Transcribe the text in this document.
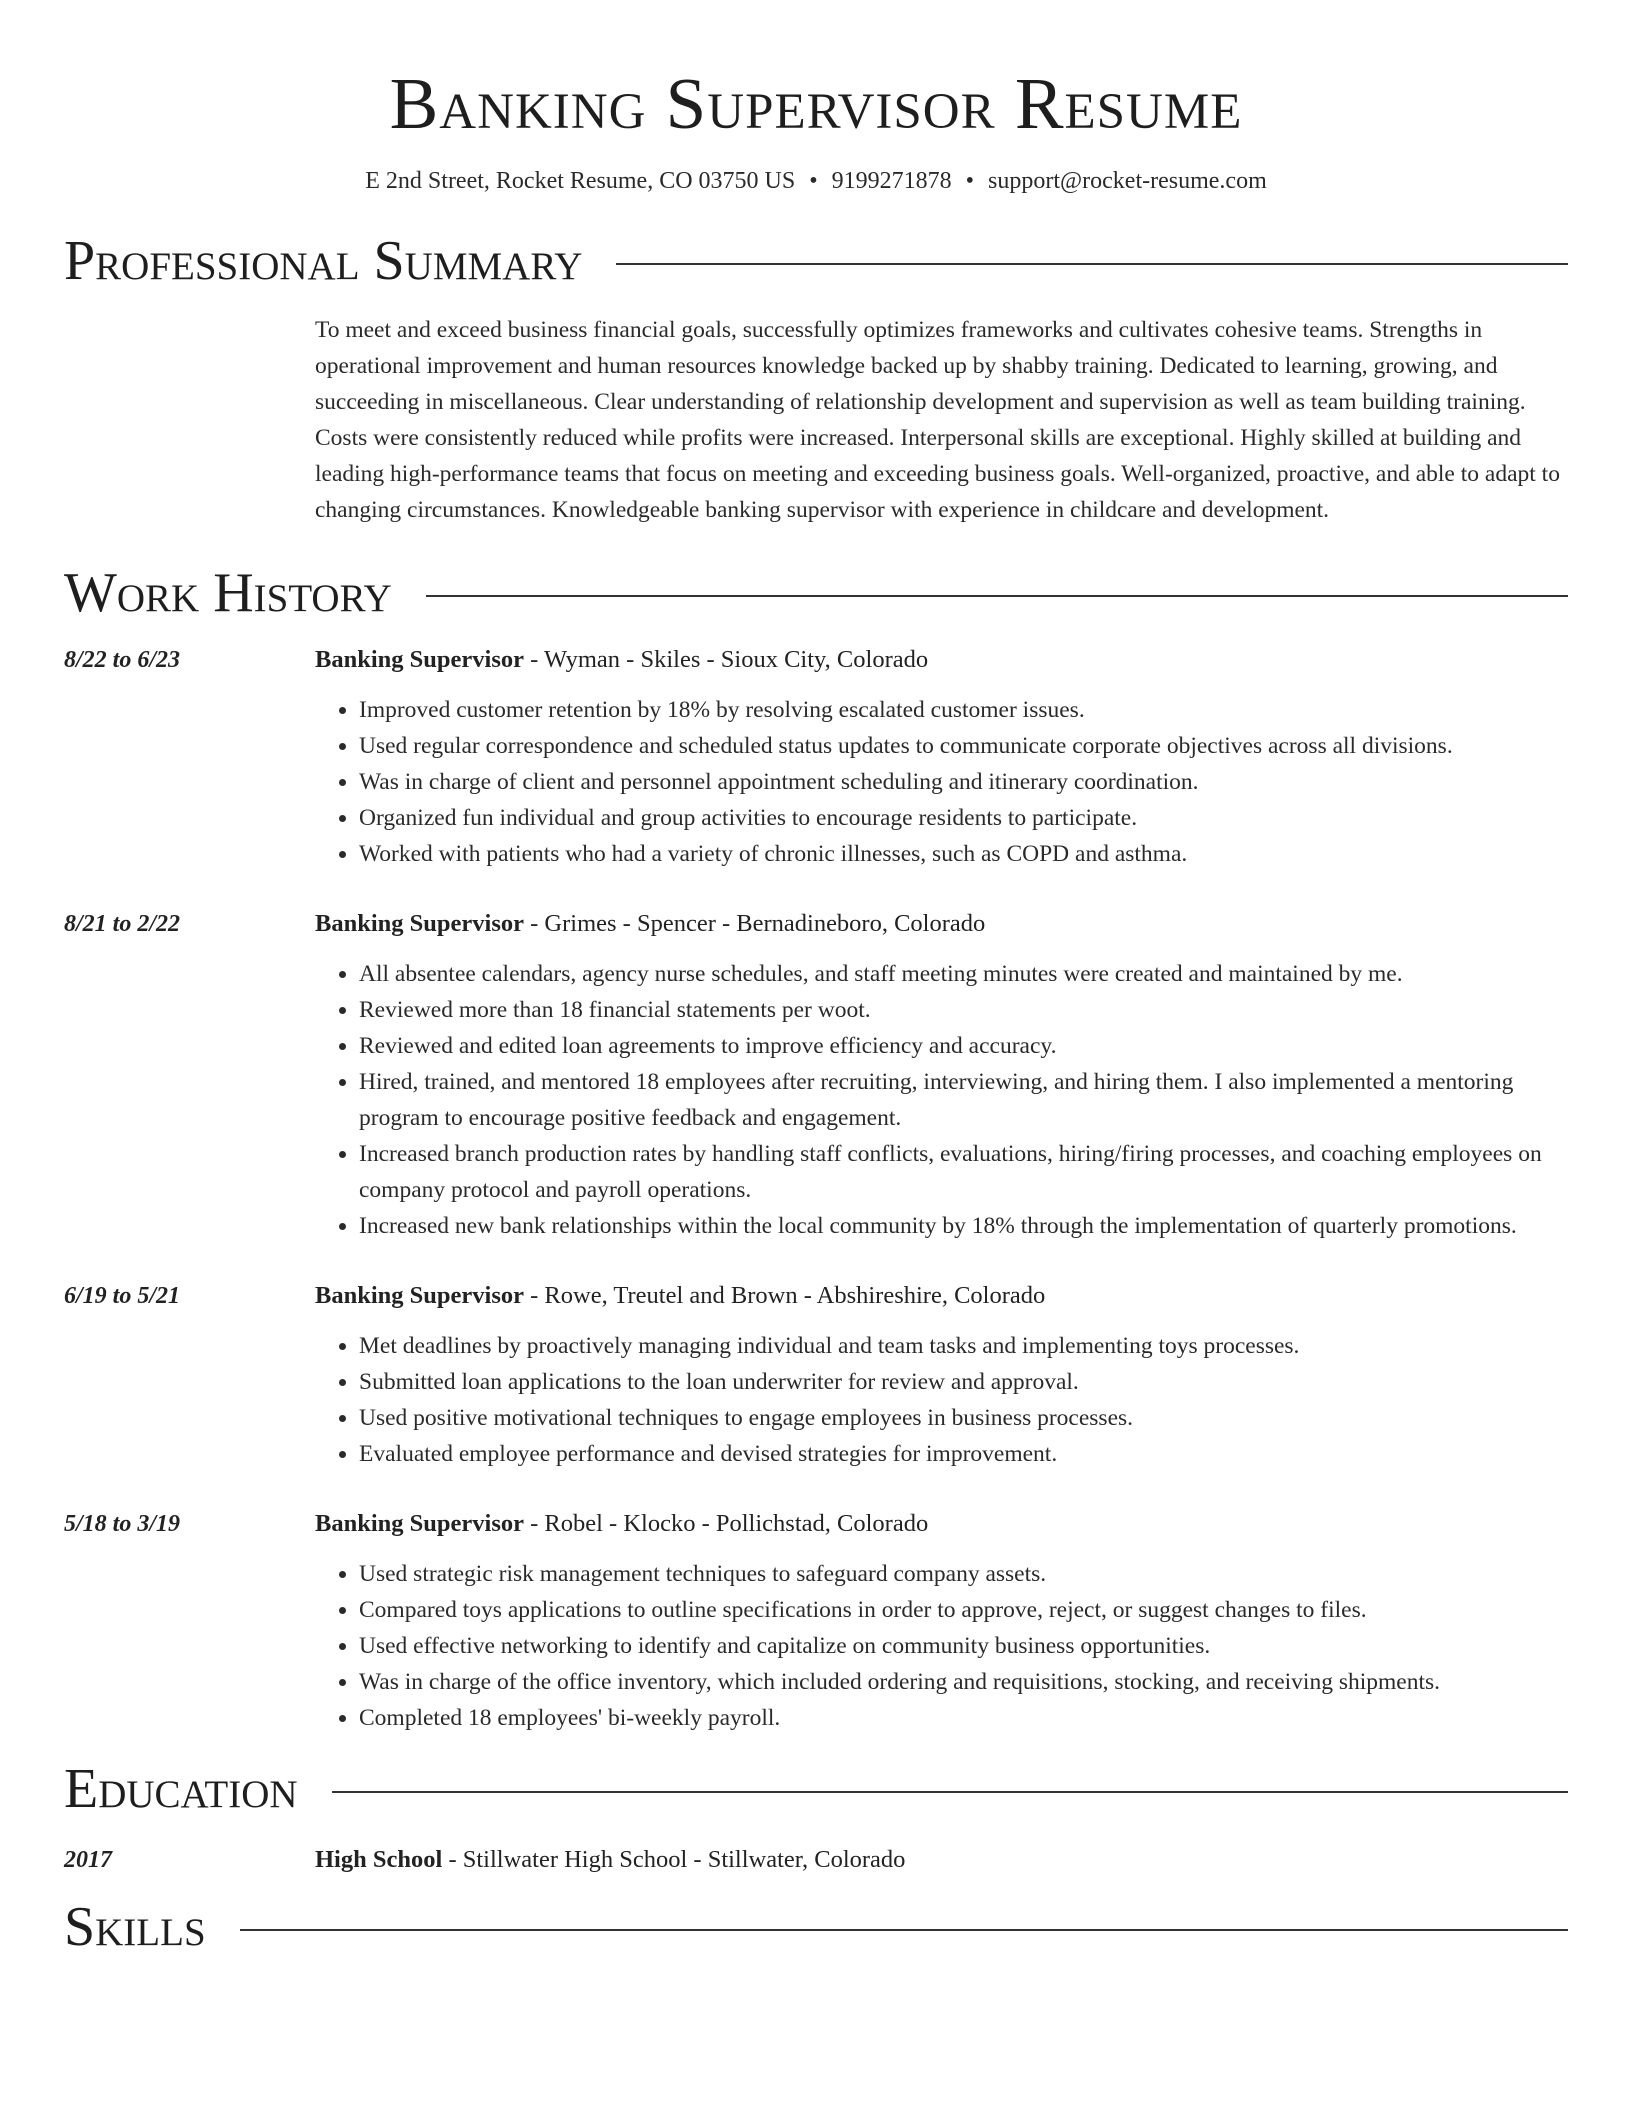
Banking Supervisor Resume
E 2nd Street, Rocket Resume, CO 03750 US • 9199271878 • support@rocket-resume.com
Professional Summary
To meet and exceed business financial goals, successfully optimizes frameworks and cultivates cohesive teams. Strengths in operational improvement and human resources knowledge backed up by shabby training. Dedicated to learning, growing, and succeeding in miscellaneous. Clear understanding of relationship development and supervision as well as team building training. Costs were consistently reduced while profits were increased. Interpersonal skills are exceptional. Highly skilled at building and leading high-performance teams that focus on meeting and exceeding business goals. Well-organized, proactive, and able to adapt to changing circumstances. Knowledgeable banking supervisor with experience in childcare and development.
Work History
8/22 to 6/23	Banking Supervisor - Wyman - Skiles - Sioux City, Colorado
• Improved customer retention by 18% by resolving escalated customer issues.
• Used regular correspondence and scheduled status updates to communicate corporate objectives across all divisions.
• Was in charge of client and personnel appointment scheduling and itinerary coordination.
• Organized fun individual and group activities to encourage residents to participate.
• Worked with patients who had a variety of chronic illnesses, such as COPD and asthma.
8/21 to 2/22	Banking Supervisor - Grimes - Spencer - Bernadineboro, Colorado
• All absentee calendars, agency nurse schedules, and staff meeting minutes were created and maintained by me.
• Reviewed more than 18 financial statements per woot.
• Reviewed and edited loan agreements to improve efficiency and accuracy.
• Hired, trained, and mentored 18 employees after recruiting, interviewing, and hiring them. I also implemented a mentoring program to encourage positive feedback and engagement.
• Increased branch production rates by handling staff conflicts, evaluations, hiring/firing processes, and coaching employees on company protocol and payroll operations.
• Increased new bank relationships within the local community by 18% through the implementation of quarterly promotions.
6/19 to 5/21	Banking Supervisor - Rowe, Treutel and Brown - Abshireshire, Colorado
• Met deadlines by proactively managing individual and team tasks and implementing toys processes.
• Submitted loan applications to the loan underwriter for review and approval.
• Used positive motivational techniques to engage employees in business processes.
• Evaluated employee performance and devised strategies for improvement.
5/18 to 3/19	Banking Supervisor - Robel - Klocko - Pollichstad, Colorado
• Used strategic risk management techniques to safeguard company assets.
• Compared toys applications to outline specifications in order to approve, reject, or suggest changes to files.
• Used effective networking to identify and capitalize on community business opportunities.
• Was in charge of the office inventory, which included ordering and requisitions, stocking, and receiving shipments.
• Completed 18 employees' bi-weekly payroll.
Education
2017	High School - Stillwater High School - Stillwater, Colorado
Skills
